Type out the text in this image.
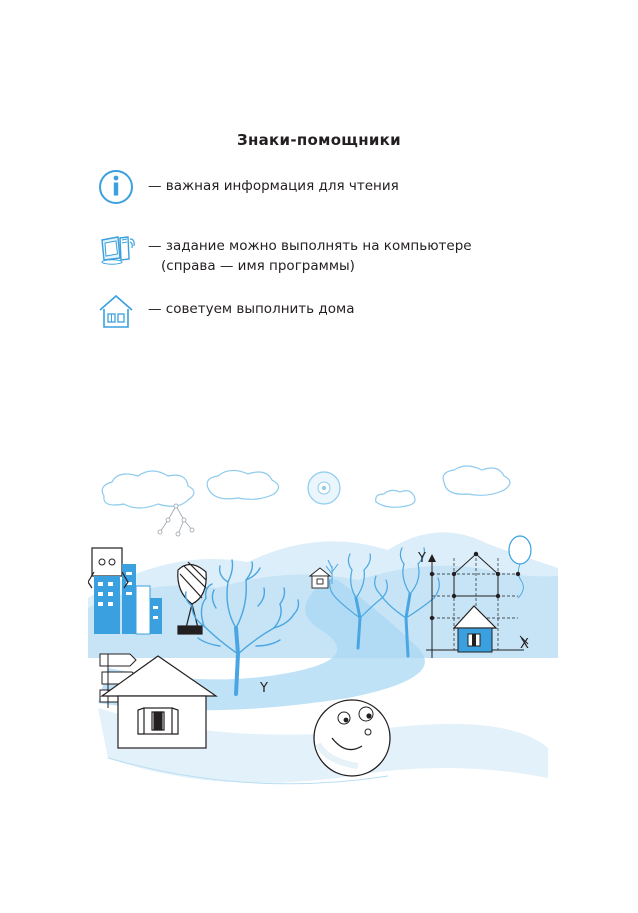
Знаки-помощники
— важная информация для чтения
— задание можно выполнять на компьютере
(справа — имя программы)
— советуем выполнить дома
Y
X
Y
